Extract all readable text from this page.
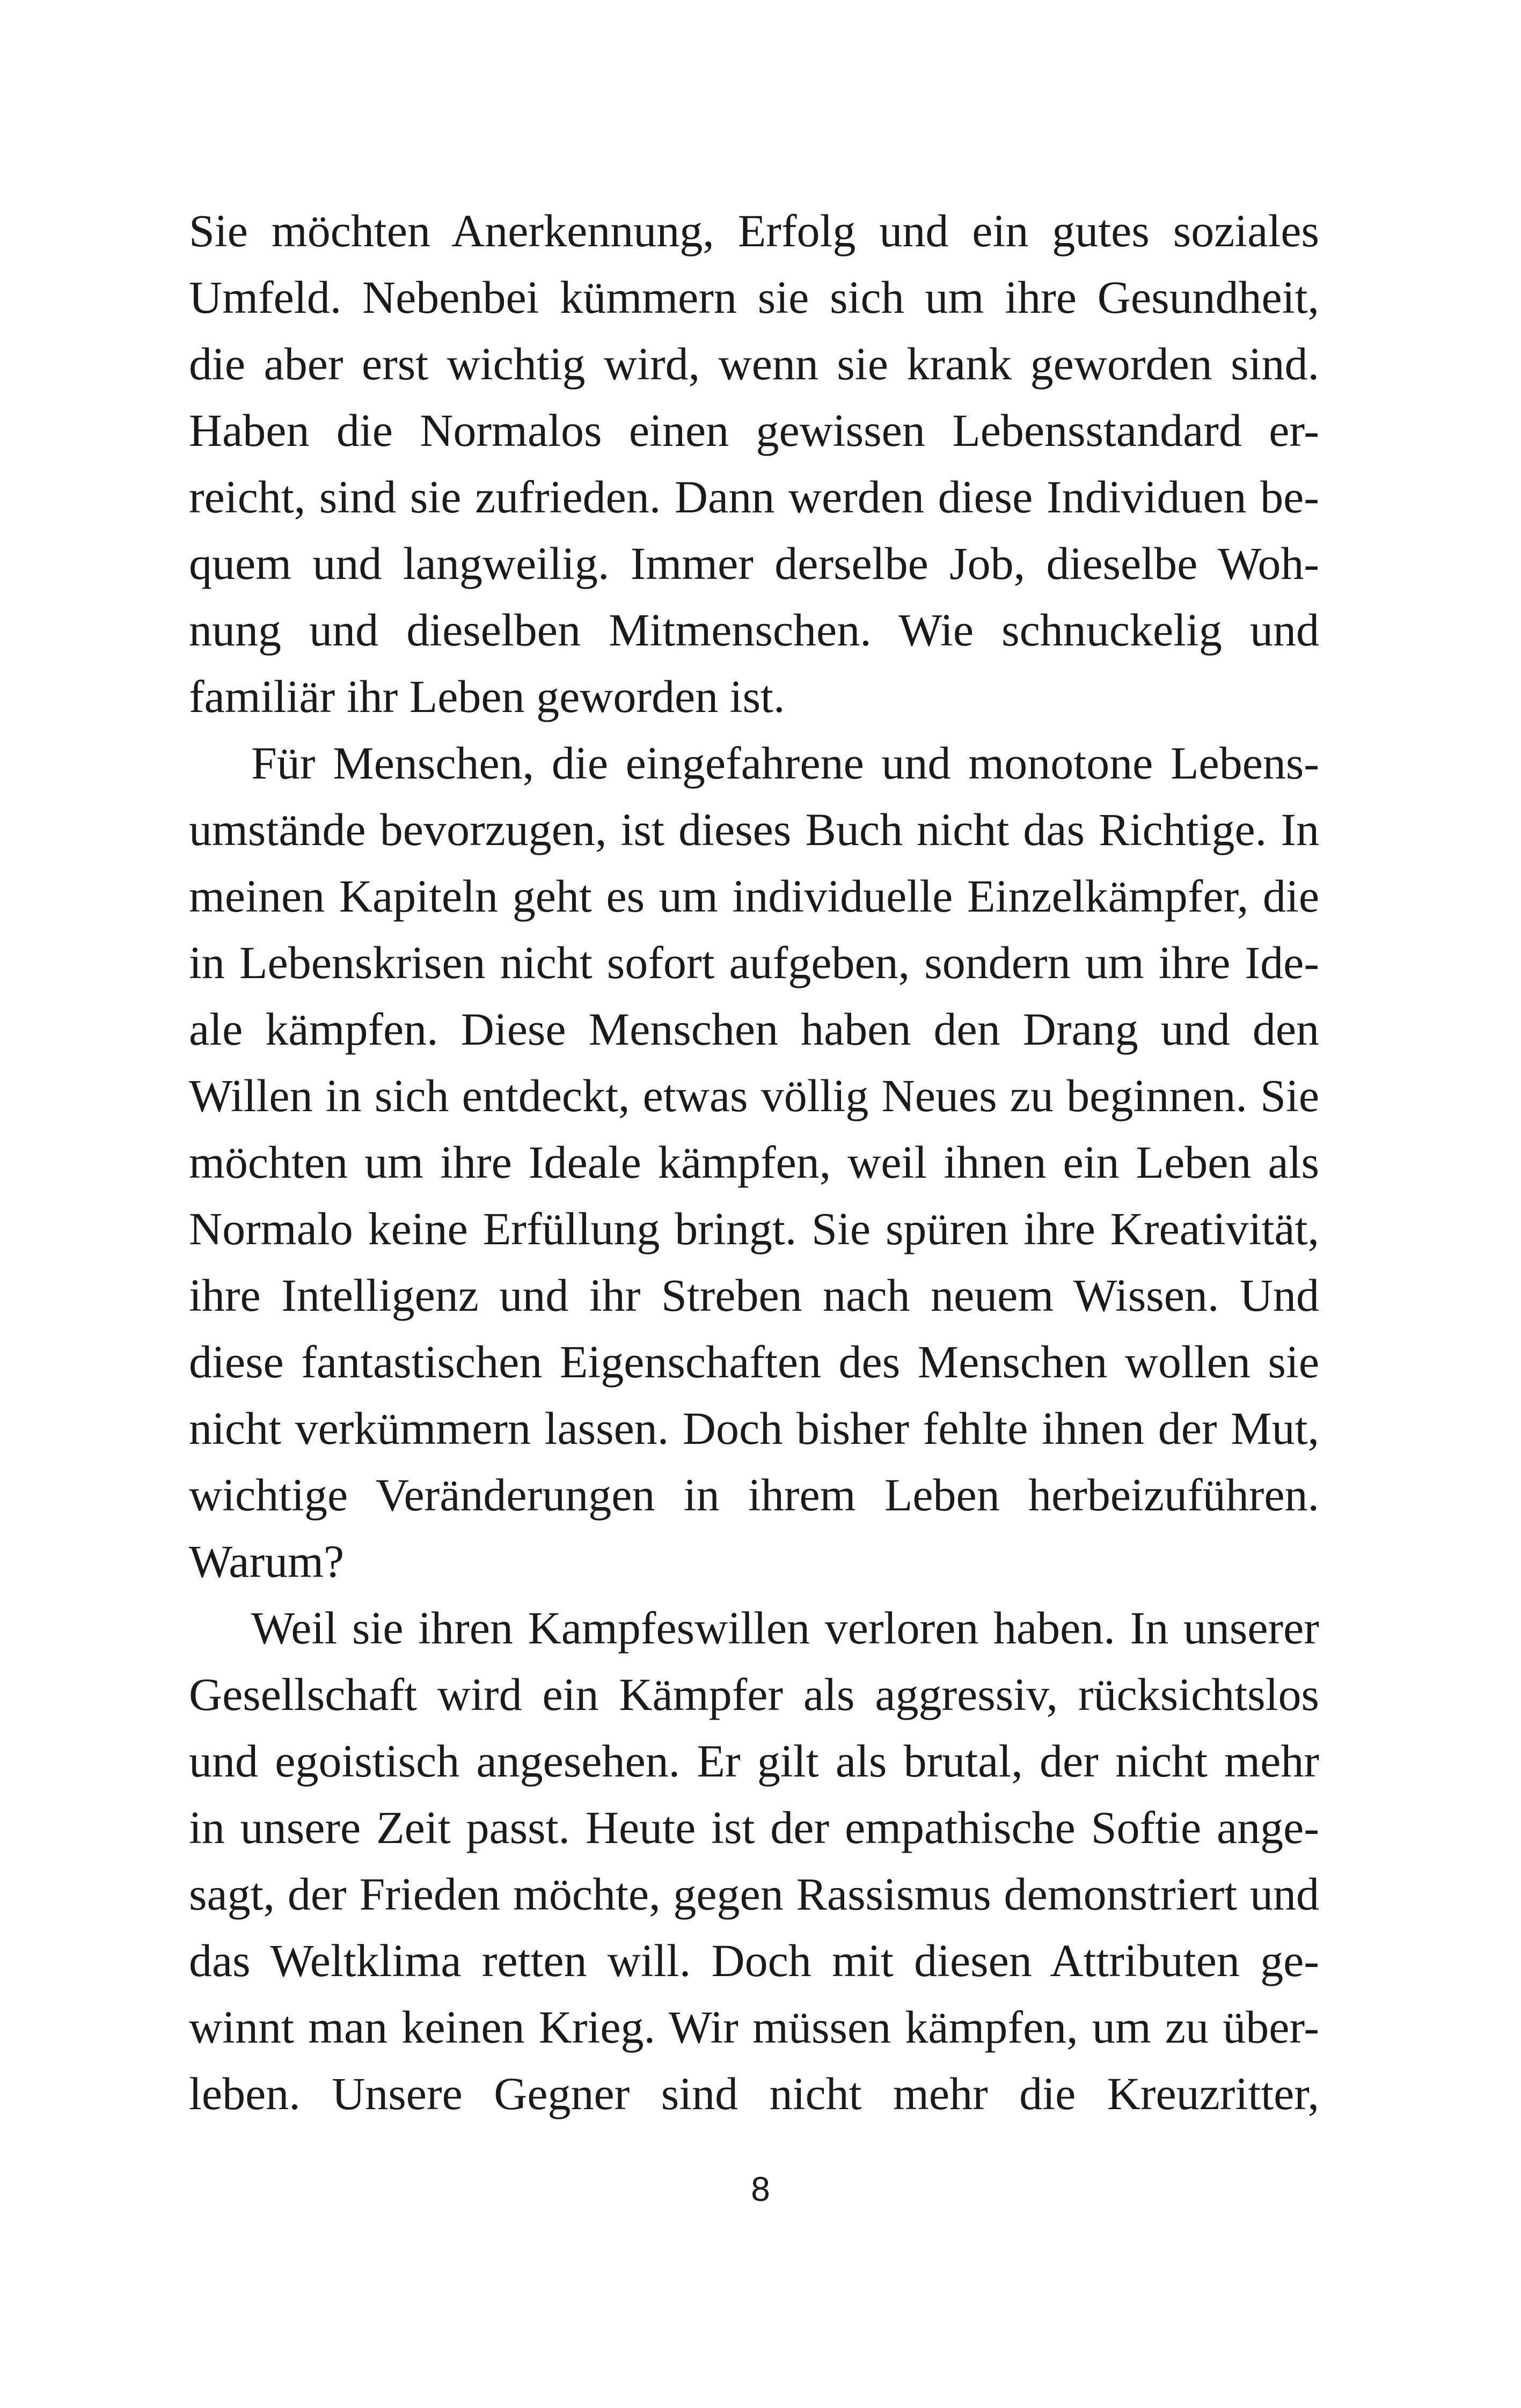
Sie möchten Anerkennung, Erfolg und ein gutes soziales
Umfeld. Nebenbei kümmern sie sich um ihre Gesundheit,
die aber erst wichtig wird, wenn sie krank geworden sind.
Haben die Normalos einen gewissen Lebensstandard er-
reicht, sind sie zufrieden. Dann werden diese Individuen be-
quem und langweilig. Immer derselbe Job, dieselbe Woh-
nung und dieselben Mitmenschen. Wie schnuckelig und
familiär ihr Leben geworden ist.
Für Menschen, die eingefahrene und monotone Lebens-
umstände bevorzugen, ist dieses Buch nicht das Richtige. In
meinen Kapiteln geht es um individuelle Einzelkämpfer, die
in Lebenskrisen nicht sofort aufgeben, sondern um ihre Ide-
ale kämpfen. Diese Menschen haben den Drang und den
Willen in sich entdeckt, etwas völlig Neues zu beginnen. Sie
möchten um ihre Ideale kämpfen, weil ihnen ein Leben als
Normalo keine Erfüllung bringt. Sie spüren ihre Kreativität,
ihre Intelligenz und ihr Streben nach neuem Wissen. Und
diese fantastischen Eigenschaften des Menschen wollen sie
nicht verkümmern lassen. Doch bisher fehlte ihnen der Mut,
wichtige Veränderungen in ihrem Leben herbeizuführen.
Warum?
Weil sie ihren Kampfeswillen verloren haben. In unserer
Gesellschaft wird ein Kämpfer als aggressiv, rücksichtslos
und egoistisch angesehen. Er gilt als brutal, der nicht mehr
in unsere Zeit passt. Heute ist der empathische Softie ange-
sagt, der Frieden möchte, gegen Rassismus demonstriert und
das Weltklima retten will. Doch mit diesen Attributen ge-
winnt man keinen Krieg. Wir müssen kämpfen, um zu über-
leben. Unsere Gegner sind nicht mehr die Kreuzritter,
8
